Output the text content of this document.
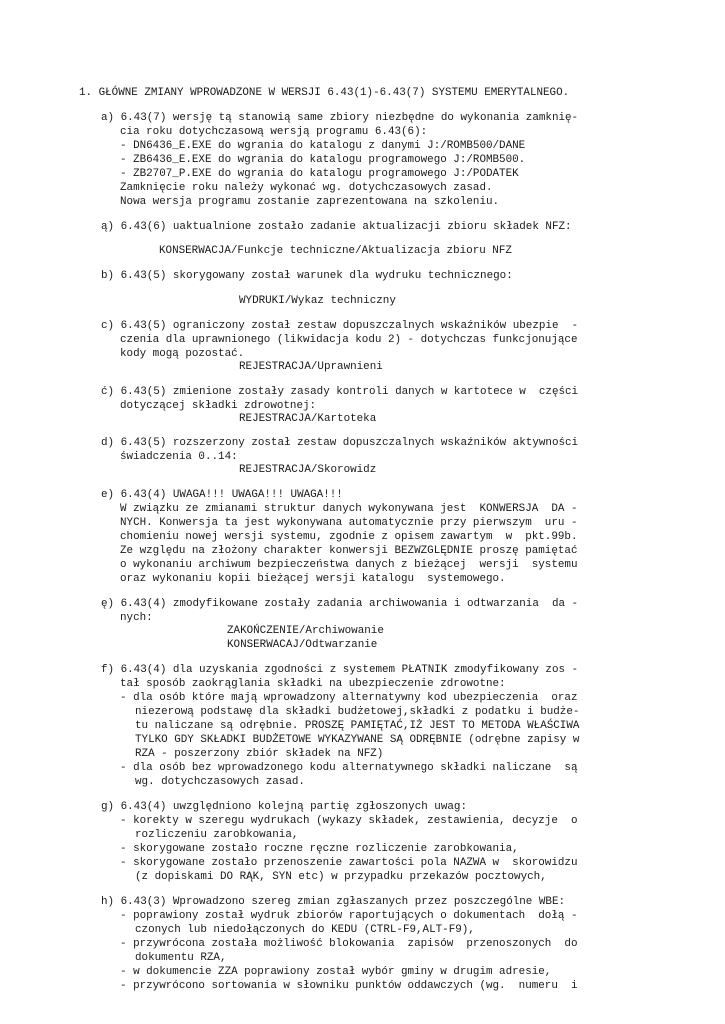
1. GŁÓWNE ZMIANY WPROWADZONE W WERSJI 6.43(1)-6.43(7) SYSTEMU EMERYTALNEGO.
a) 6.43(7) wersję tą stanowią same zbiory niezbędne do wykonania zamknię-
cia roku dotychczasową wersją programu 6.43(6):
- DN6436_E.EXE do wgrania do katalogu z danymi J:/ROMB500/DANE
- ZB6436_E.EXE do wgrania do katalogu programowego J:/ROMB500.
- ZB2707_P.EXE do wgrania do katalogu programowego J:/PODATEK
Zamknięcie roku należy wykonać wg. dotychczasowych zasad.
Nowa wersja programu zostanie zaprezentowana na szkoleniu.
ą) 6.43(6) uaktualnione zostało zadanie aktualizacji zbioru składek NFZ:
KONSERWACJA/Funkcje techniczne/Aktualizacja zbioru NFZ
b) 6.43(5) skorygowany został warunek dla wydruku technicznego:
WYDRUKI/Wykaz techniczny
c) 6.43(5) ograniczony został zestaw dopuszczalnych wskaźników ubezpie  -
czenia dla uprawnionego (likwidacja kodu 2) - dotychczas funkcjonujące
kody mogą pozostać.
REJESTRACJA/Uprawnieni
ć) 6.43(5) zmienione zostały zasady kontroli danych w kartotece w  części
dotyczącej składki zdrowotnej:
REJESTRACJA/Kartoteka
d) 6.43(5) rozszerzony został zestaw dopuszczalnych wskaźników aktywności
świadczenia 0..14:
REJESTRACJA/Skorowidz
e) 6.43(4) UWAGA!!! UWAGA!!! UWAGA!!!
W związku ze zmianami struktur danych wykonywana jest  KONWERSJA  DA -
NYCH. Konwersja ta jest wykonywana automatycznie przy pierwszym  uru -
chomieniu nowej wersji systemu, zgodnie z opisem zawartym  w  pkt.99b.
Ze względu na złożony charakter konwersji BEZWZGLĘDNIE proszę pamiętać
o wykonaniu archiwum bezpieczeństwa danych z bieżącej  wersji  systemu
oraz wykonaniu kopii bieżącej wersji katalogu  systemowego.
ę) 6.43(4) zmodyfikowane zostały zadania archiwowania i odtwarzania  da -
nych:
ZAKOŃCZENIE/Archiwowanie
KONSERWACAJ/Odtwarzanie
f) 6.43(4) dla uzyskania zgodności z systemem PŁATNIK zmodyfikowany zos -
tał sposób zaokrąglania składki na ubezpieczenie zdrowotne:
- dla osób które mają wprowadzony alternatywny kod ubezpieczenia  oraz
niezerową podstawę dla składki budżetowej,składki z podatku i budże-
tu naliczane są odrębnie. PROSZĘ PAMIĘTAĆ,IŻ JEST TO METODA WŁAŚCIWA
TYLKO GDY SKŁADKI BUDŻETOWE WYKAZYWANE SĄ ODRĘBNIE (odrębne zapisy w
RZA - poszerzony zbiór składek na NFZ)
- dla osób bez wprowadzonego kodu alternatywnego składki naliczane  są
wg. dotychczasowych zasad.
g) 6.43(4) uwzględniono kolejną partię zgłoszonych uwag:
- korekty w szeregu wydrukach (wykazy składek, zestawienia, decyzje  o
rozliczeniu zarobkowania,
- skorygowane zostało roczne ręczne rozliczenie zarobkowania,
- skorygowane zostało przenoszenie zawartości pola NAZWA w  skorowidzu
(z dopiskami DO RĄK, SYN etc) w przypadku przekazów pocztowych,
h) 6.43(3) Wprowadzono szereg zmian zgłaszanych przez poszczególne WBE:
- poprawiony został wydruk zbiorów raportujących o dokumentach  dołą -
czonych lub niedołączonych do KEDU (CTRL-F9,ALT-F9),
- przywrócona została możliwość blokowania  zapisów  przenoszonych  do
dokumentu RZA,
- w dokumencie ZZA poprawiony został wybór gminy w drugim adresie,
- przywrócono sortowania w słowniku punktów oddawczych (wg.  numeru  i
